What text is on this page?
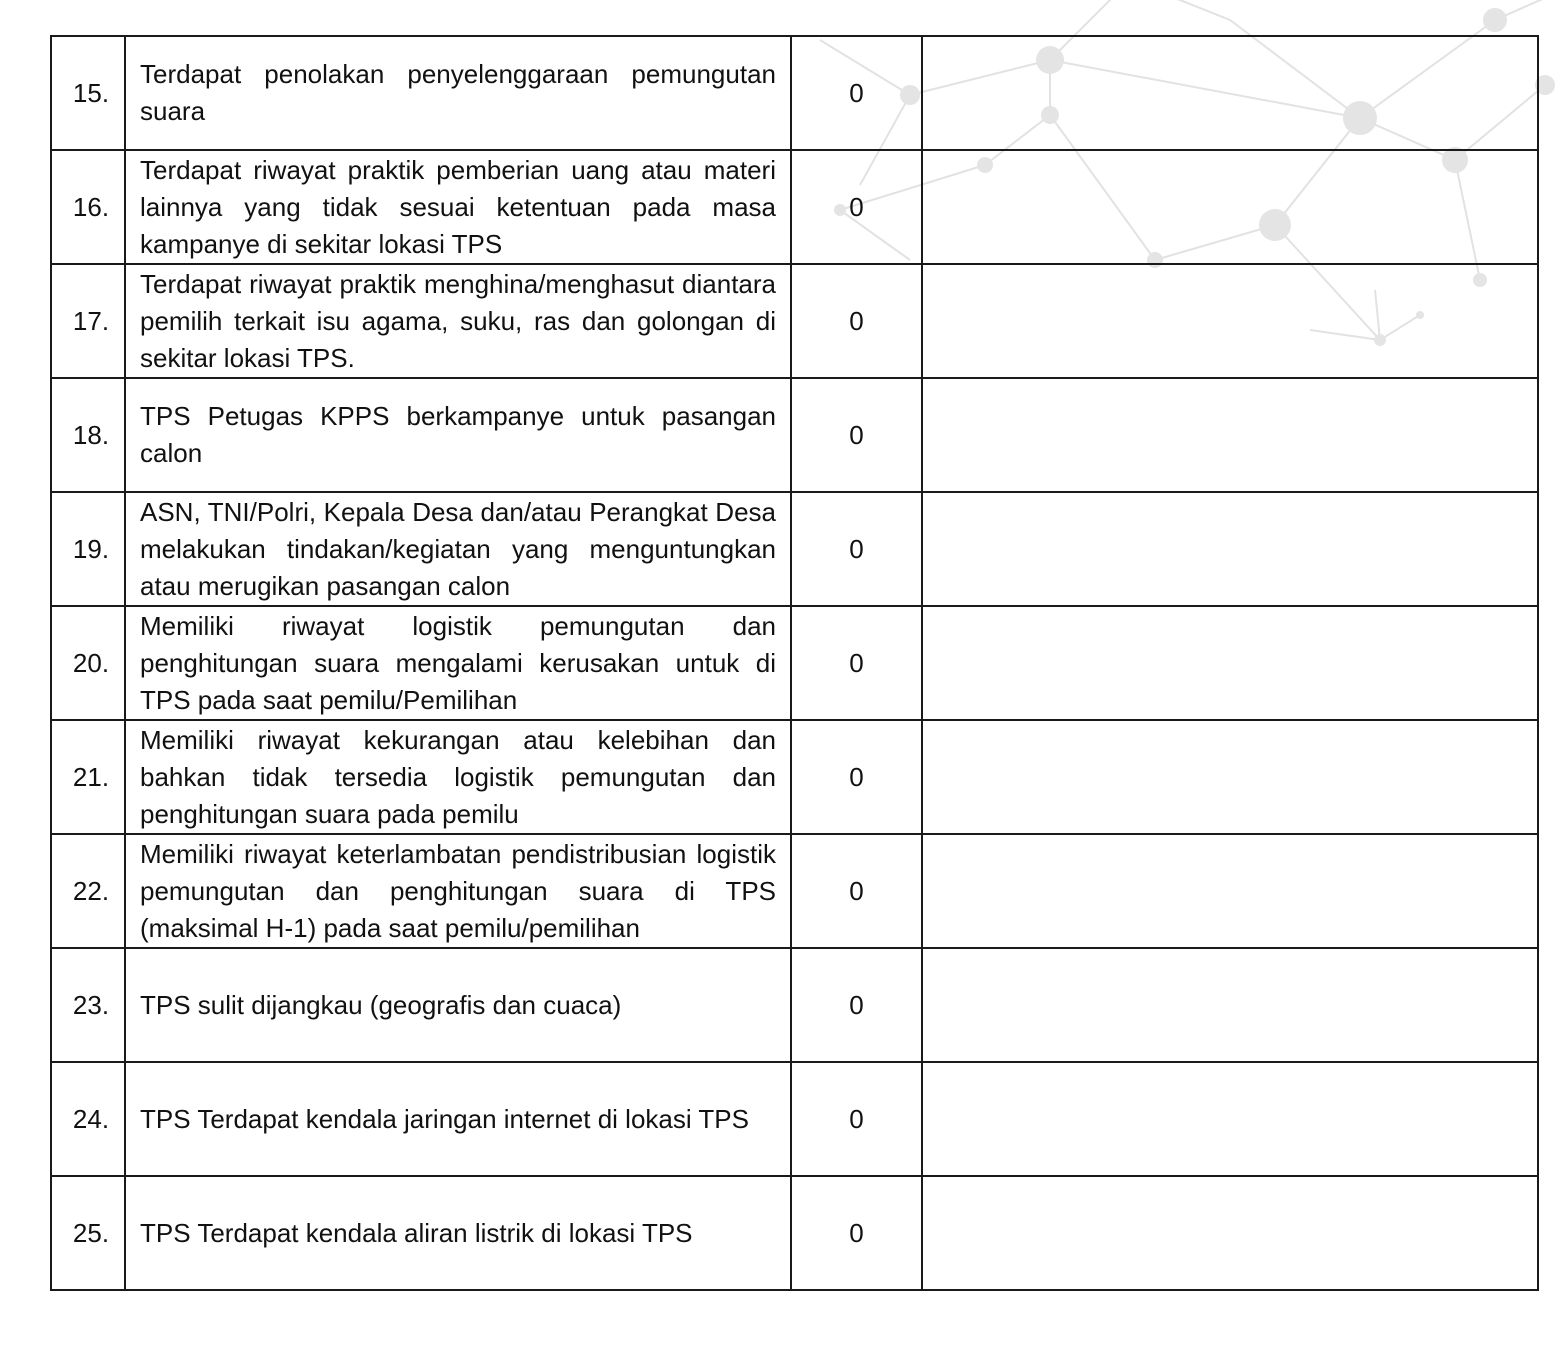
15.	Terdapat penolakan penyelenggaraan pemungutan suara	0	

16.	Terdapat riwayat praktik pemberian uang atau materi lainnya yang tidak sesuai ketentuan pada masa kampanye di sekitar lokasi TPS	0	

17.	Terdapat riwayat praktik menghina/menghasut diantara pemilih terkait isu agama, suku, ras dan golongan di sekitar lokasi TPS.	0	

18.	TPS Petugas KPPS berkampanye untuk pasangan calon	0	

19.	ASN, TNI/Polri, Kepala Desa dan/atau Perangkat Desa melakukan tindakan/kegiatan yang menguntungkan atau merugikan pasangan calon	0	

20.	Memiliki riwayat logistik pemungutan dan penghitungan suara mengalami kerusakan untuk di TPS pada saat pemilu/Pemilihan	0	

21.	Memiliki riwayat kekurangan atau kelebihan dan bahkan tidak tersedia logistik pemungutan dan penghitungan suara pada pemilu	0	

22.	Memiliki riwayat keterlambatan pendistribusian logistik pemungutan dan penghitungan suara di TPS (maksimal H-1) pada saat pemilu/pemilihan	0	

23.	TPS sulit dijangkau (geografis dan cuaca)	0	

24.	TPS Terdapat kendala jaringan internet di lokasi TPS	0	

25.	TPS Terdapat kendala aliran listrik di lokasi TPS	0	
